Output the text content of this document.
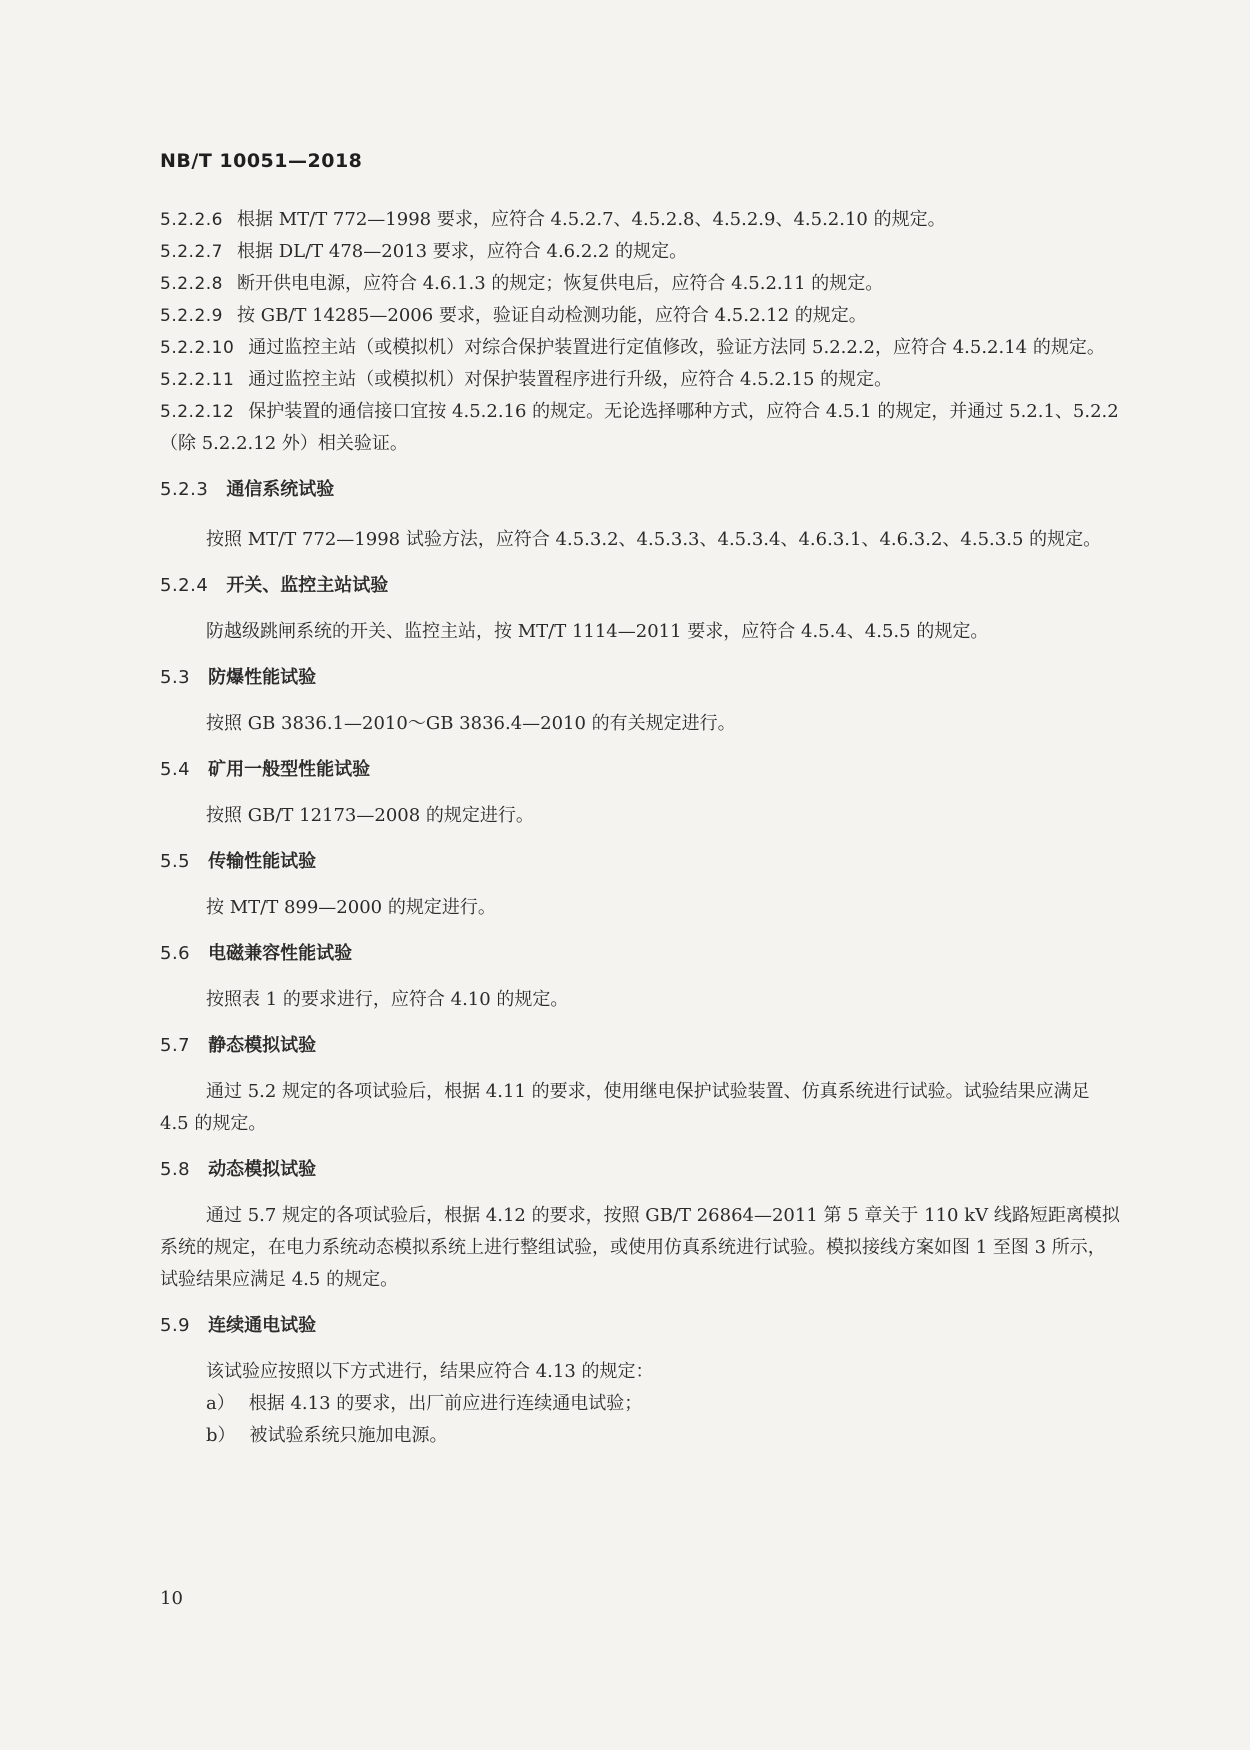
NB/T 10051—2018

5.2.2.6 根据 MT/T 772—1998 要求，应符合 4.5.2.7、4.5.2.8、4.5.2.9、4.5.2.10 的规定。

5.2.2.7 根据 DL/T 478—2013 要求，应符合 4.6.2.2 的规定。

5.2.2.8 断开供电电源，应符合 4.6.1.3 的规定；恢复供电后，应符合 4.5.2.11 的规定。

5.2.2.9 按 GB/T 14285—2006 要求，验证自动检测功能，应符合 4.5.2.12 的规定。

5.2.2.10 通过监控主站（或模拟机）对综合保护装置进行定值修改，验证方法同 5.2.2.2，应符合 4.5.2.14 的规定。

5.2.2.11 通过监控主站（或模拟机）对保护装置程序进行升级，应符合 4.5.2.15 的规定。

5.2.2.12 保护装置的通信接口宜按 4.5.2.16 的规定。无论选择哪种方式，应符合 4.5.1 的规定，并通过 5.2.1、5.2.2（除 5.2.2.12 外）相关验证。

5.2.3 通信系统试验

按照 MT/T 772—1998 试验方法，应符合 4.5.3.2、4.5.3.3、4.5.3.4、4.6.3.1、4.6.3.2、4.5.3.5 的规定。

5.2.4 开关、监控主站试验

防越级跳闸系统的开关、监控主站，按 MT/T 1114—2011 要求，应符合 4.5.4、4.5.5 的规定。

5.3 防爆性能试验

按照 GB 3836.1—2010～GB 3836.4—2010 的有关规定进行。

5.4 矿用一般型性能试验

按照 GB/T 12173—2008 的规定进行。

5.5 传输性能试验

按 MT/T 899—2000 的规定进行。

5.6 电磁兼容性能试验

按照表 1 的要求进行，应符合 4.10 的规定。

5.7 静态模拟试验

通过 5.2 规定的各项试验后，根据 4.11 的要求，使用继电保护试验装置、仿真系统进行试验。试验结果应满足 4.5 的规定。

5.8 动态模拟试验

通过 5.7 规定的各项试验后，根据 4.12 的要求，按照 GB/T 26864—2011 第 5 章关于 110 kV 线路短距离模拟系统的规定，在电力系统动态模拟系统上进行整组试验，或使用仿真系统进行试验。模拟接线方案如图 1 至图 3 所示，试验结果应满足 4.5 的规定。

5.9 连续通电试验

该试验应按照以下方式进行，结果应符合 4.13 的规定：

a） 根据 4.13 的要求，出厂前应进行连续通电试验；

b） 被试验系统只施加电源。

10
